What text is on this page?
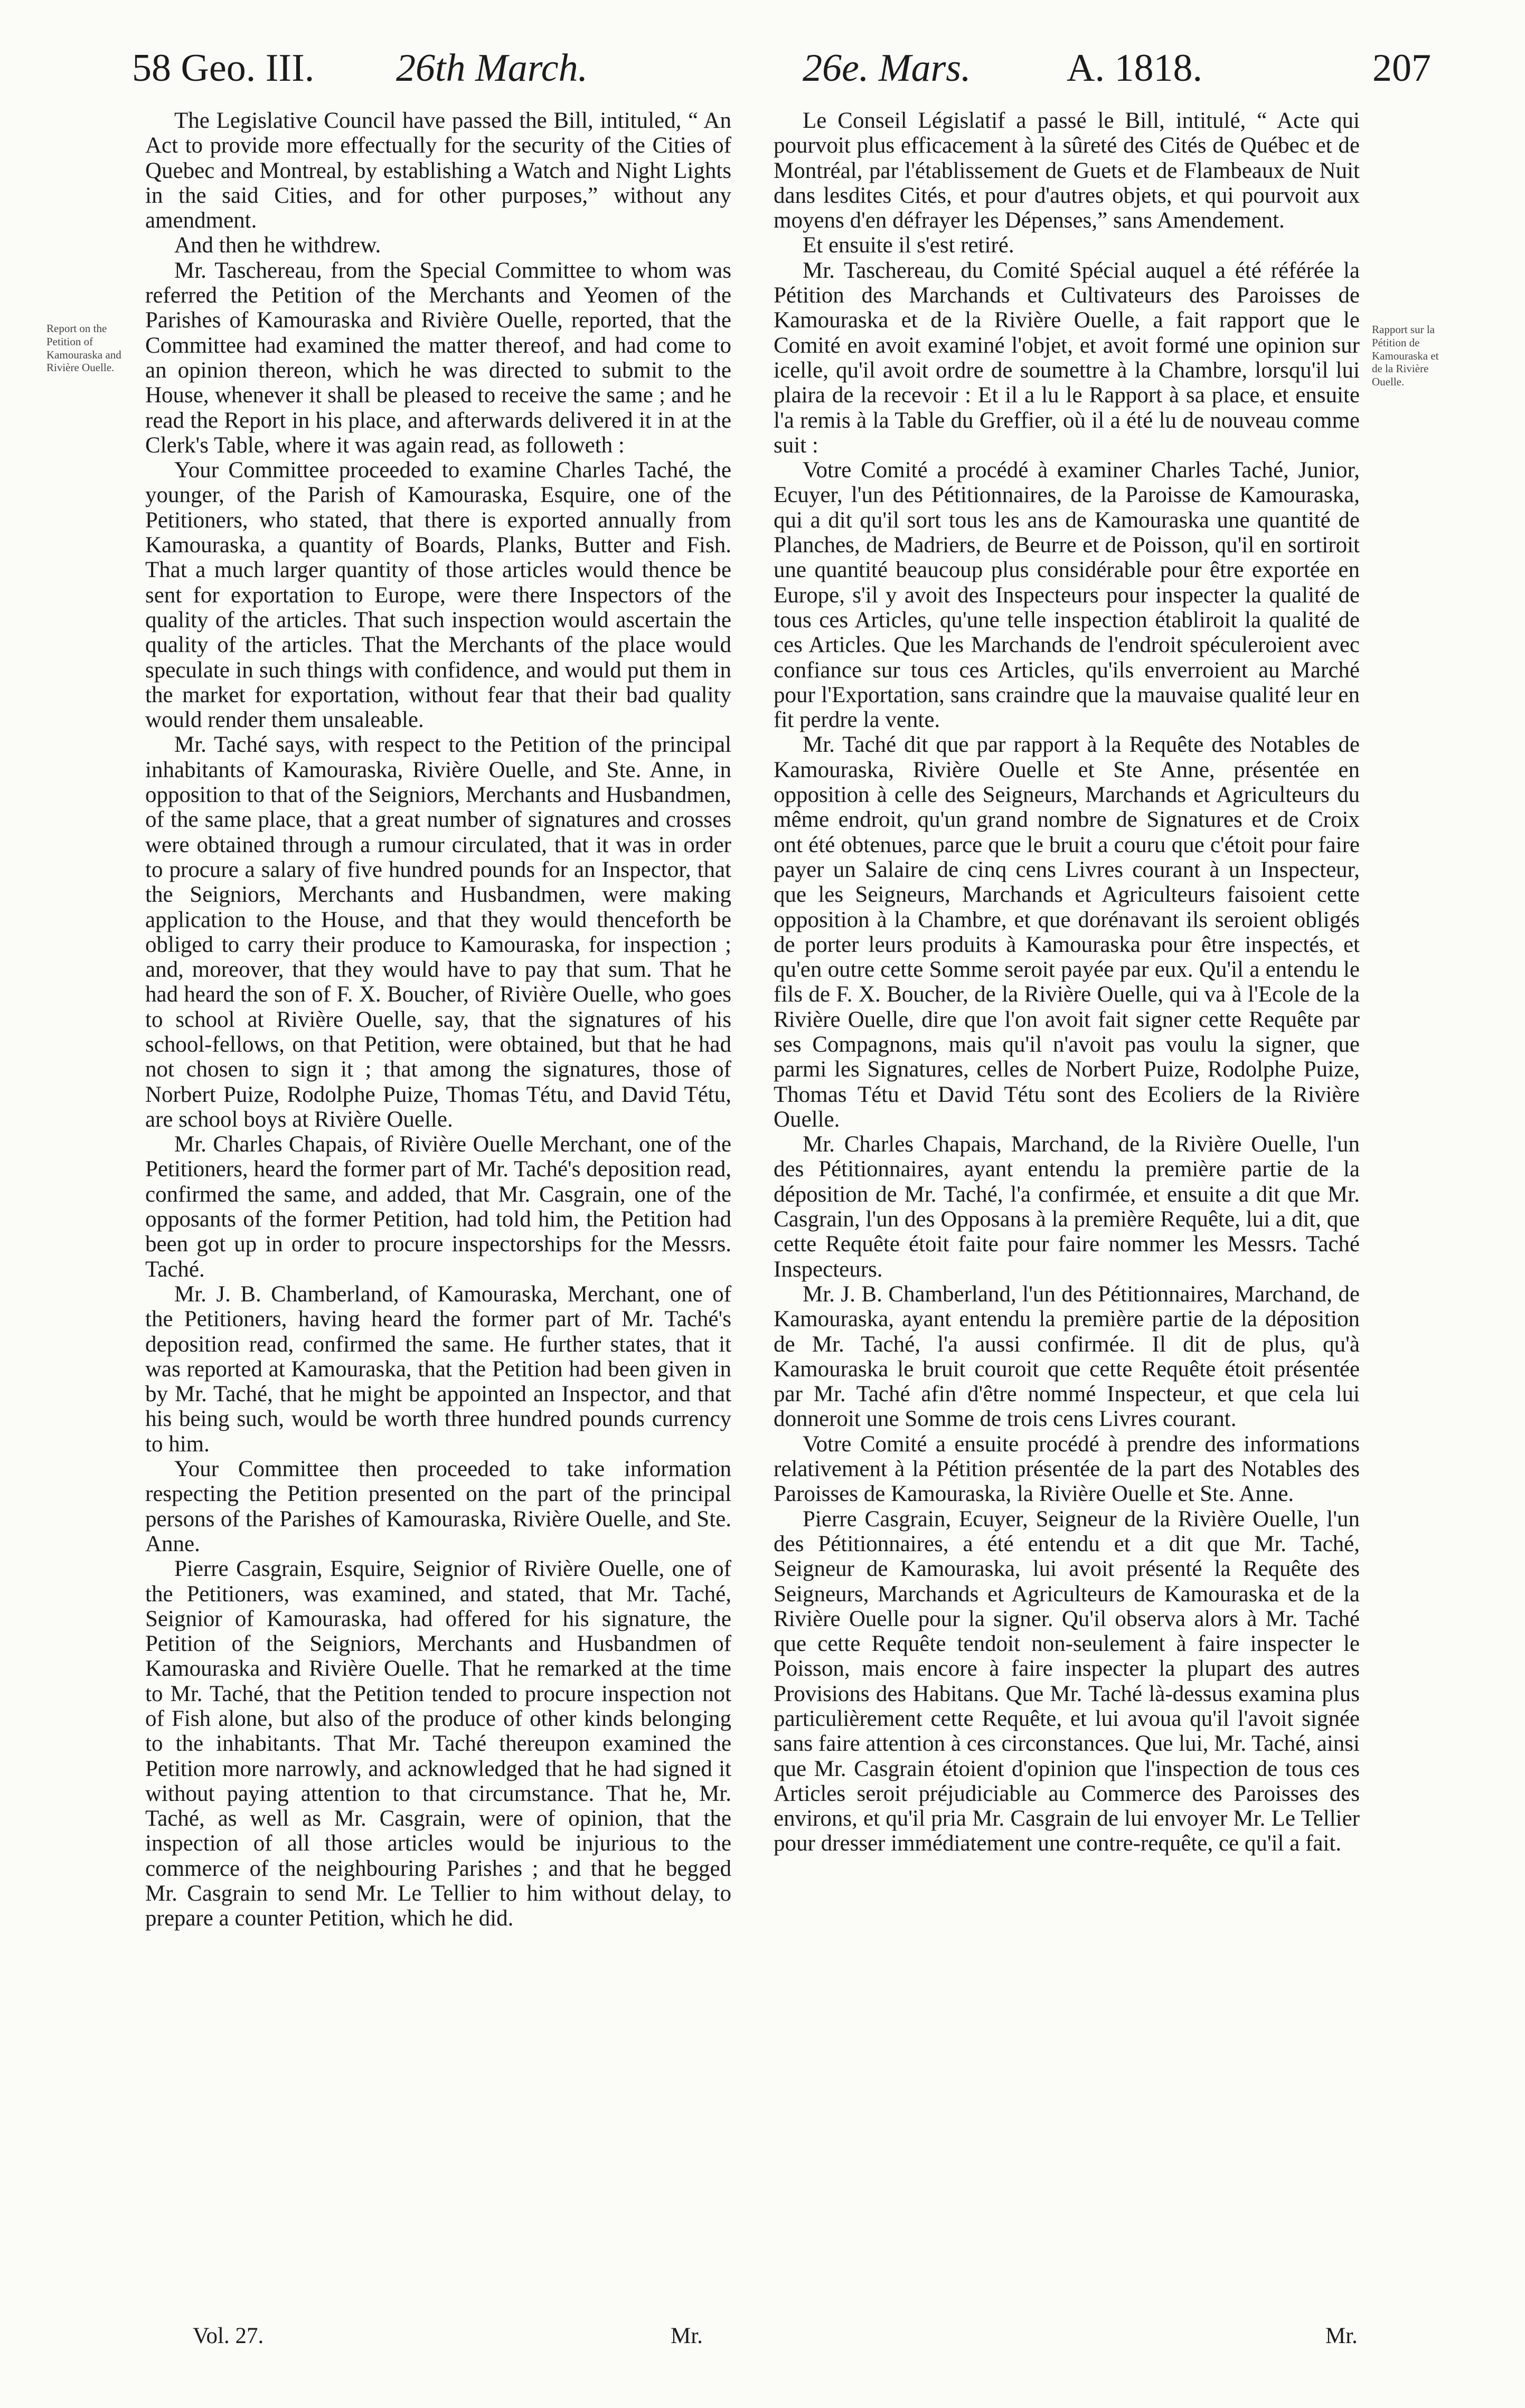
58 Geo. III. 26th March.	26e. Mars. A. 1818.	207
Report on the Petition of Kamouraska and Rivière Ouelle.
Rapport sur la Pétition de Kamouraska et de la Rivière Ouelle.

The Legislative Council have passed the Bill, intituled, “ An Act to provide more effectually for the security of the Cities of Quebec and Montreal, by establishing a Watch and Night Lights in the said Cities, and for other purposes,” without any amendment.

And then he withdrew.

Mr. Taschereau, from the Special Committee to whom was referred the Petition of the Merchants and Yeomen of the Parishes of Kamouraska and Rivière Ouelle, reported, that the Committee had examined the matter thereof, and had come to an opinion thereon, which he was directed to submit to the House, whenever it shall be pleased to receive the same ; and he read the Report in his place, and afterwards delivered it in at the Clerk's Table, where it was again read, as followeth :

Your Committee proceeded to examine Charles Taché, the younger, of the Parish of Kamouraska, Esquire, one of the Petitioners, who stated, that there is exported annually from Kamouraska, a quantity of Boards, Planks, Butter and Fish. That a much larger quantity of those articles would thence be sent for exportation to Europe, were there Inspectors of the quality of the articles. That such inspection would ascertain the quality of the articles. That the Merchants of the place would speculate in such things with confidence, and would put them in the market for exportation, without fear that their bad quality would render them unsaleable.

Mr. Taché says, with respect to the Petition of the principal inhabitants of Kamouraska, Rivière Ouelle, and Ste. Anne, in opposition to that of the Seigniors, Merchants and Husbandmen, of the same place, that a great number of signatures and crosses were obtained through a rumour circulated, that it was in order to procure a salary of five hundred pounds for an Inspector, that the Seigniors, Merchants and Husbandmen, were making application to the House, and that they would thenceforth be obliged to carry their produce to Kamouraska, for inspection ; and, moreover, that they would have to pay that sum. That he had heard the son of F. X. Boucher, of Rivière Ouelle, who goes to school at Rivière Ouelle, say, that the signatures of his school-fellows, on that Petition, were obtained, but that he had not chosen to sign it ; that among the signatures, those of Norbert Puize, Rodolphe Puize, Thomas Tétu, and David Tétu, are school boys at Rivière Ouelle.

Mr. Charles Chapais, of Rivière Ouelle Merchant, one of the Petitioners, heard the former part of Mr. Taché's deposition read, confirmed the same, and added, that Mr. Casgrain, one of the opposants of the former Petition, had told him, the Petition had been got up in order to procure inspectorships for the Messrs. Taché.

Mr. J. B. Chamberland, of Kamouraska, Merchant, one of the Petitioners, having heard the former part of Mr. Taché's deposition read, confirmed the same. He further states, that it was reported at Kamouraska, that the Petition had been given in by Mr. Taché, that he might be appointed an Inspector, and that his being such, would be worth three hundred pounds currency to him.

Your Committee then proceeded to take information respecting the Petition presented on the part of the principal persons of the Parishes of Kamouraska, Rivière Ouelle, and Ste. Anne.

Pierre Casgrain, Esquire, Seignior of Rivière Ouelle, one of the Petitioners, was examined, and stated, that Mr. Taché, Seignior of Kamouraska, had offered for his signature, the Petition of the Seigniors, Merchants and Husbandmen of Kamouraska and Rivière Ouelle. That he remarked at the time to Mr. Taché, that the Petition tended to procure inspection not of Fish alone, but also of the produce of other kinds belonging to the inhabitants. That Mr. Taché thereupon examined the Petition more narrowly, and acknowledged that he had signed it without paying attention to that circumstance. That he, Mr. Taché, as well as Mr. Casgrain, were of opinion, that the inspection of all those articles would be injurious to the commerce of the neighbouring Parishes ; and that he begged Mr. Casgrain to send Mr. Le Tellier to him without delay, to prepare a counter Petition, which he did.

Le Conseil Législatif a passé le Bill, intitulé, “ Acte qui pourvoit plus efficacement à la sûreté des Cités de Québec et de Montréal, par l'établissement de Guets et de Flambeaux de Nuit dans lesdites Cités, et pour d'autres objets, et qui pourvoit aux moyens d'en défrayer les Dépenses,” sans Amendement.

Et ensuite il s'est retiré.

Mr. Taschereau, du Comité Spécial auquel a été référée la Pétition des Marchands et Cultivateurs des Paroisses de Kamouraska et de la Rivière Ouelle, a fait rapport que le Comité en avoit examiné l'objet, et avoit formé une opinion sur icelle, qu'il avoit ordre de soumettre à la Chambre, lorsqu'il lui plaira de la recevoir : Et il a lu le Rapport à sa place, et ensuite l'a remis à la Table du Greffier, où il a été lu de nouveau comme suit :

Votre Comité a procédé à examiner Charles Taché, Junior, Ecuyer, l'un des Pétitionnaires, de la Paroisse de Kamouraska, qui a dit qu'il sort tous les ans de Kamouraska une quantité de Planches, de Madriers, de Beurre et de Poisson, qu'il en sortiroit une quantité beaucoup plus considérable pour être exportée en Europe, s'il y avoit des Inspecteurs pour inspecter la qualité de tous ces Articles, qu'une telle inspection établiroit la qualité de ces Articles. Que les Marchands de l'endroit spéculeroient avec confiance sur tous ces Articles, qu'ils enverroient au Marché pour l'Exportation, sans craindre que la mauvaise qualité leur en fit perdre la vente.

Mr. Taché dit que par rapport à la Requête des Notables de Kamouraska, Rivière Ouelle et Ste Anne, présentée en opposition à celle des Seigneurs, Marchands et Agriculteurs du même endroit, qu'un grand nombre de Signatures et de Croix ont été obtenues, parce que le bruit a couru que c'étoit pour faire payer un Salaire de cinq cens Livres courant à un Inspecteur, que les Seigneurs, Marchands et Agriculteurs faisoient cette opposition à la Chambre, et que dorénavant ils seroient obligés de porter leurs produits à Kamouraska pour être inspectés, et qu'en outre cette Somme seroit payée par eux. Qu'il a entendu le fils de F. X. Boucher, de la Rivière Ouelle, qui va à l'Ecole de la Rivière Ouelle, dire que l'on avoit fait signer cette Requête par ses Compagnons, mais qu'il n'avoit pas voulu la signer, que parmi les Signatures, celles de Norbert Puize, Rodolphe Puize, Thomas Tétu et David Tétu sont des Ecoliers de la Rivière Ouelle.

Mr. Charles Chapais, Marchand, de la Rivière Ouelle, l'un des Pétitionnaires, ayant entendu la première partie de la déposition de Mr. Taché, l'a confirmée, et ensuite a dit que Mr. Casgrain, l'un des Opposans à la première Requête, lui a dit, que cette Requête étoit faite pour faire nommer les Messrs. Taché Inspecteurs.

Mr. J. B. Chamberland, l'un des Pétitionnaires, Marchand, de Kamouraska, ayant entendu la première partie de la déposition de Mr. Taché, l'a aussi confirmée. Il dit de plus, qu'à Kamouraska le bruit couroit que cette Requête étoit présentée par Mr. Taché afin d'être nommé Inspecteur, et que cela lui donneroit une Somme de trois cens Livres courant.

Votre Comité a ensuite procédé à prendre des informations relativement à la Pétition présentée de la part des Notables des Paroisses de Kamouraska, la Rivière Ouelle et Ste. Anne.

Pierre Casgrain, Ecuyer, Seigneur de la Rivière Ouelle, l'un des Pétitionnaires, a été entendu et a dit que Mr. Taché, Seigneur de Kamouraska, lui avoit présenté la Requête des Seigneurs, Marchands et Agriculteurs de Kamouraska et de la Rivière Ouelle pour la signer. Qu'il observa alors à Mr. Taché que cette Requête tendoit non-seulement à faire inspecter le Poisson, mais encore à faire inspecter la plupart des autres Provisions des Habitans. Que Mr. Taché là-dessus examina plus particulièrement cette Requête, et lui avoua qu'il l'avoit signée sans faire attention à ces circonstances. Que lui, Mr. Taché, ainsi que Mr. Casgrain étoient d'opinion que l'inspection de tous ces Articles seroit préjudiciable au Commerce des Paroisses des environs, et qu'il pria Mr. Casgrain de lui envoyer Mr. Le Tellier pour dresser immédiatement une contre-requête, ce qu'il a fait.

Vol. 27.	Mr.	Mr.
